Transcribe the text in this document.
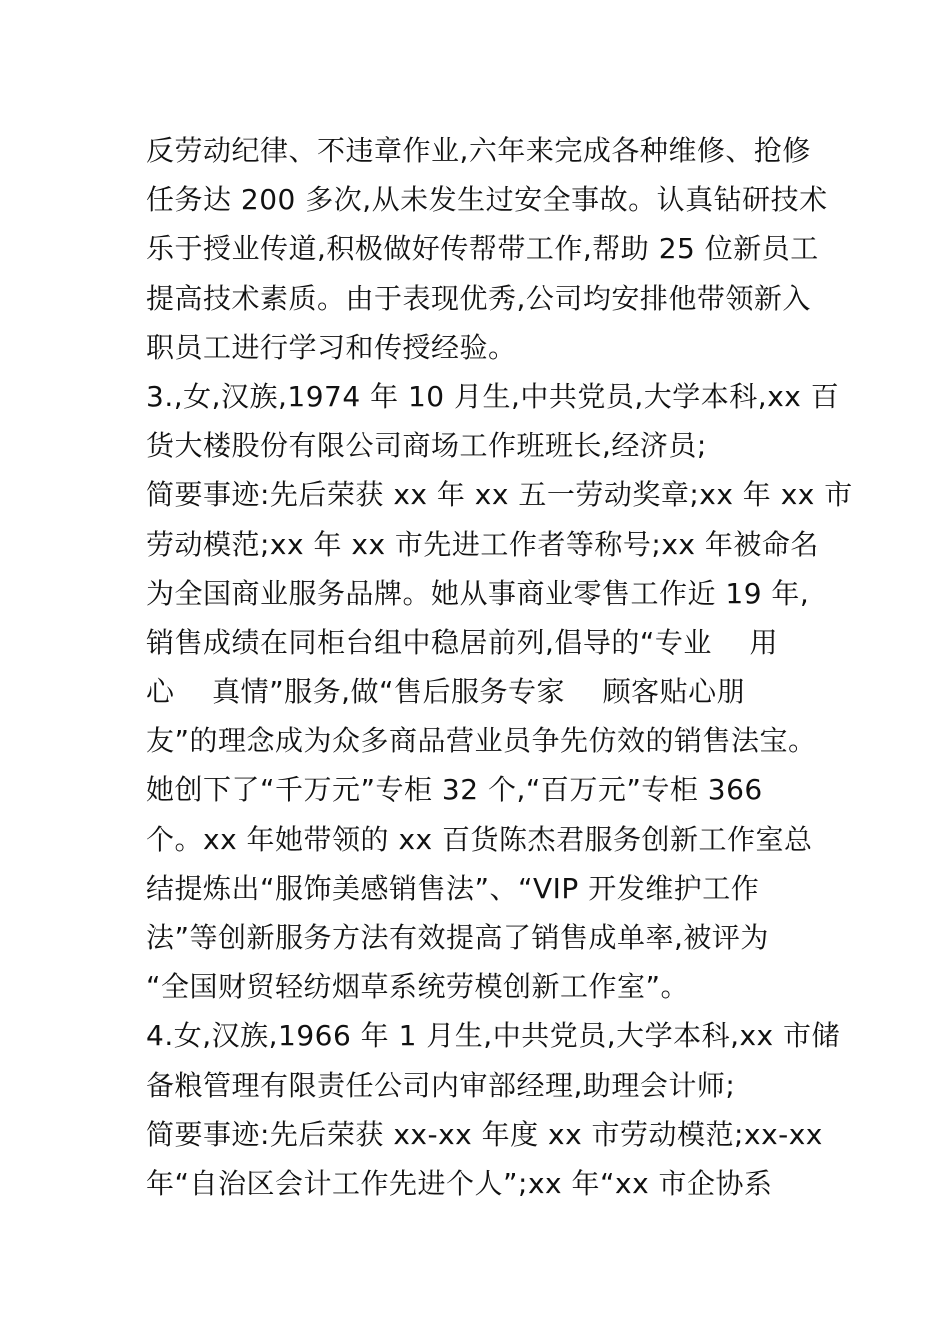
反劳动纪律、不违章作业,六年来完成各种维修、抢修
任务达 200 多次,从未发生过安全事故。认真钻研技术
乐于授业传道,积极做好传帮带工作,帮助 25 位新员工
提高技术素质。由于表现优秀,公司均安排他带领新入
职员工进行学习和传授经验。
3.,女,汉族,1974 年 10 月生,中共党员,大学本科,xx 百
货大楼股份有限公司商场工作班班长,经济员;
简要事迹:先后荣获 xx 年 xx 五一劳动奖章;xx 年 xx 市
劳动模范;xx 年 xx 市先进工作者等称号;xx 年被命名
为全国商业服务品牌。她从事商业零售工作近 19 年,
销售成绩在同柜台组中稳居前列,倡导的“专业    用
心    真情”服务,做“售后服务专家    顾客贴心朋
友”的理念成为众多商品营业员争先仿效的销售法宝。
她创下了“千万元”专柜 32 个,“百万元”专柜 366
个。xx 年她带领的 xx 百货陈杰君服务创新工作室总
结提炼出“服饰美感销售法”、“VIP 开发维护工作
法”等创新服务方法有效提高了销售成单率,被评为
“全国财贸轻纺烟草系统劳模创新工作室”。
4.女,汉族,1966 年 1 月生,中共党员,大学本科,xx 市储
备粮管理有限责任公司内审部经理,助理会计师;
简要事迹:先后荣获 xx-xx 年度 xx 市劳动模范;xx-xx
年“自治区会计工作先进个人”;xx 年“xx 市企协系
